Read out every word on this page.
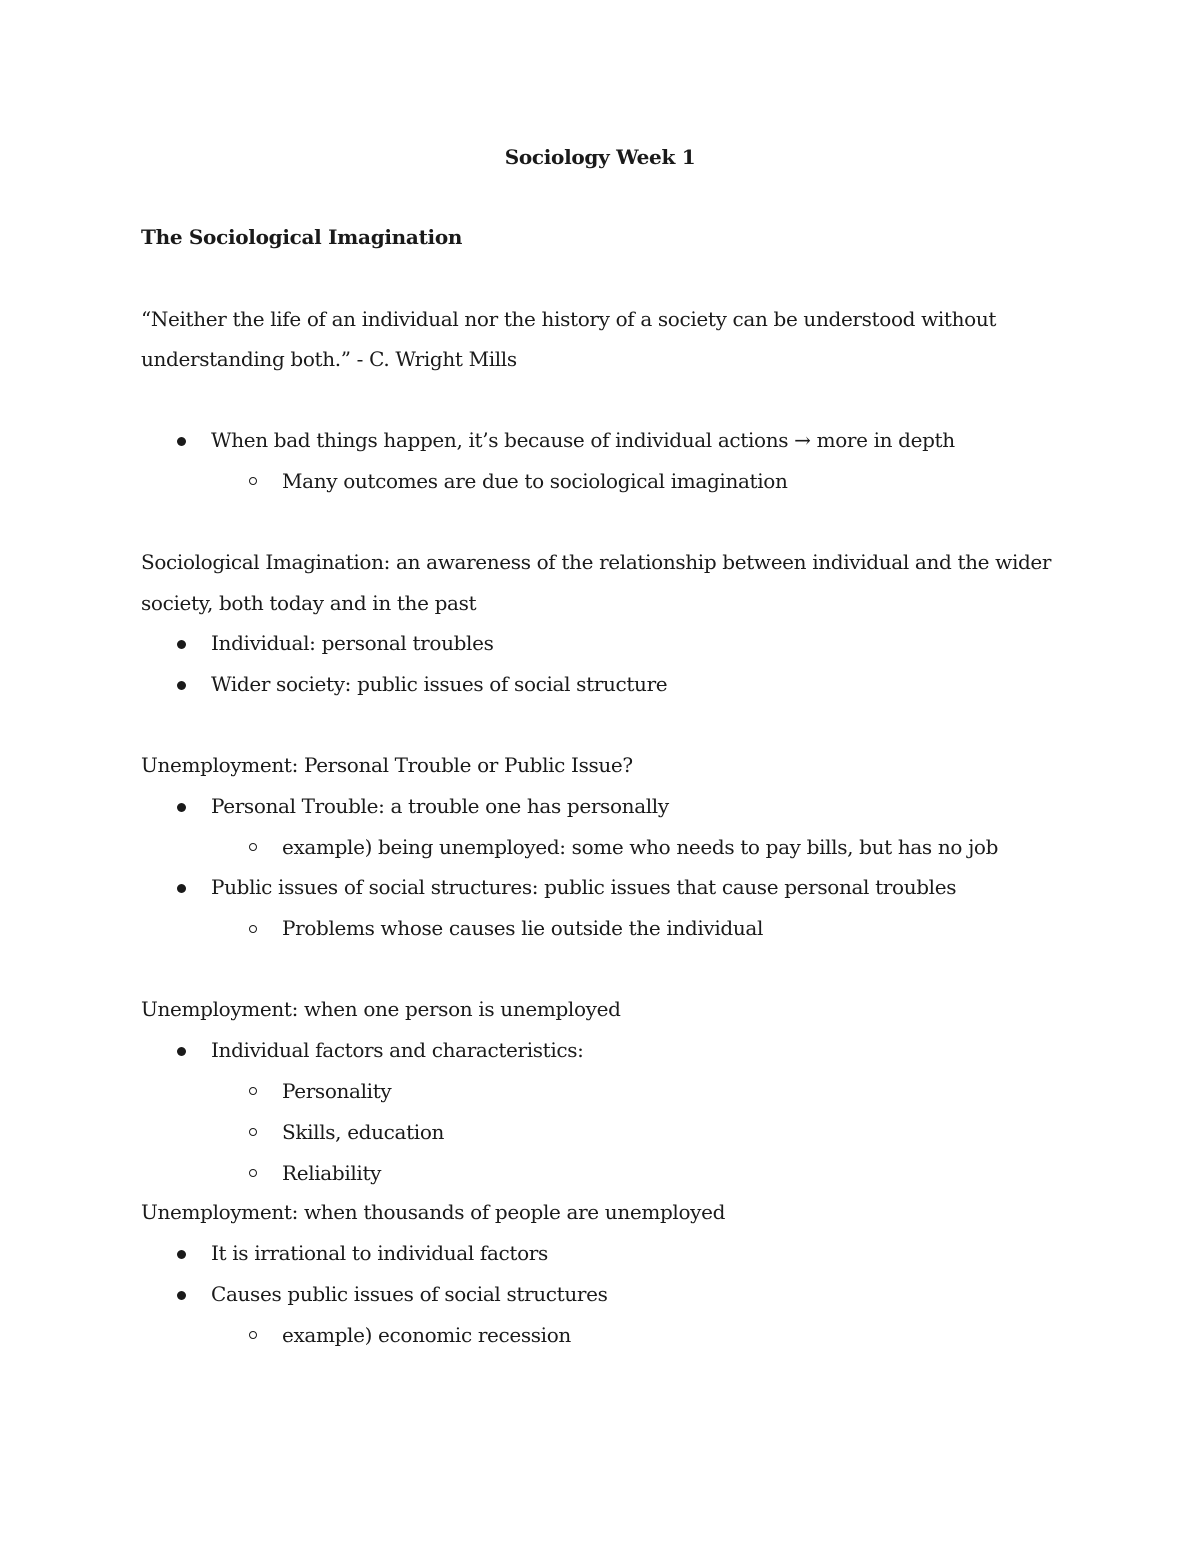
Sociology Week 1
The Sociological Imagination
“Neither the life of an individual nor the history of a society can be understood without
understanding both.” - C. Wright Mills
When bad things happen, it’s because of individual actions → more in depth
Many outcomes are due to sociological imagination
Sociological Imagination: an awareness of the relationship between individual and the wider
society, both today and in the past
Individual: personal troubles
Wider society: public issues of social structure
Unemployment: Personal Trouble or Public Issue?
Personal Trouble: a trouble one has personally
example) being unemployed: some who needs to pay bills, but has no job
Public issues of social structures: public issues that cause personal troubles
Problems whose causes lie outside the individual
Unemployment: when one person is unemployed
Individual factors and characteristics:
Personality
Skills, education
Reliability
Unemployment: when thousands of people are unemployed
It is irrational to individual factors
Causes public issues of social structures
example) economic recession
